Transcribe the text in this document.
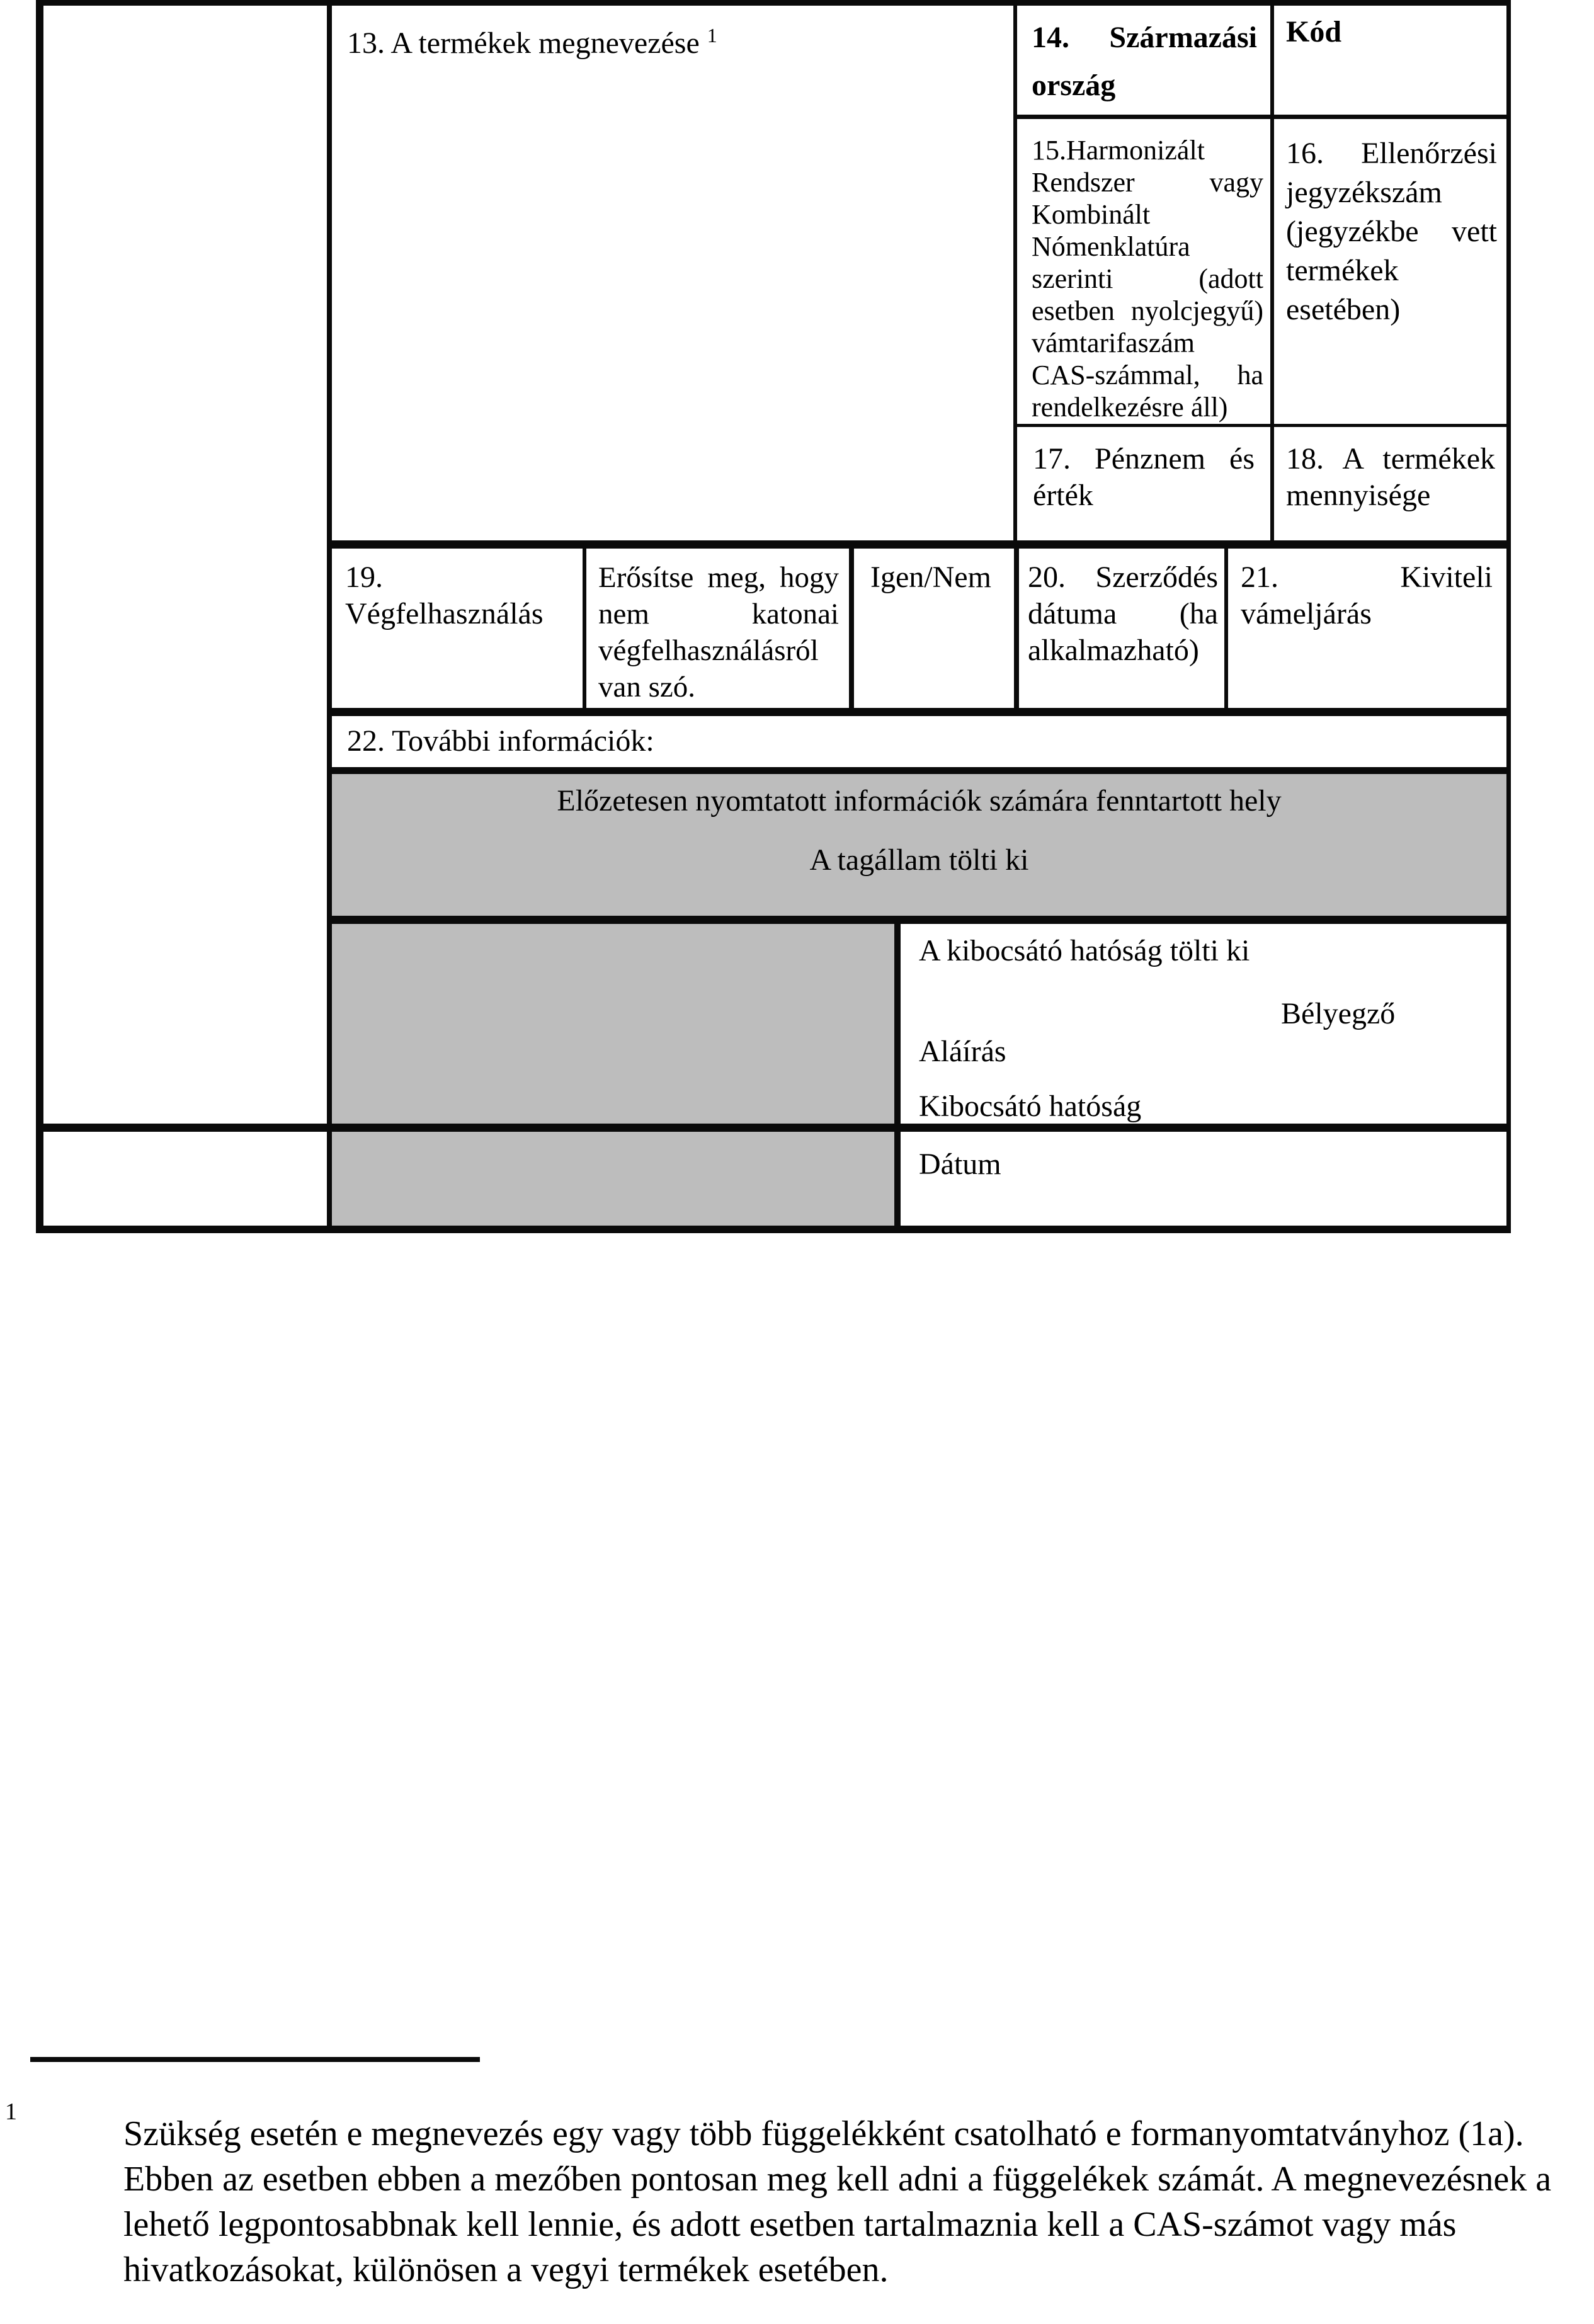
13. A termékek megnevezése $^1$	14. Származási ország
Kód
15.Harmonizált Rendszer vagy Kombinált Nómenklatúra szerinti (adott esetben nyolcjegyű) vámtarifaszám CAS-számmal, ha rendelkezésre áll)
16. Ellenőrzési jegyzékszám (jegyzékbe vett termékek esetében)
17. Pénznem és érték
18. A termékek mennyisége
19. Végfelhasználás
Erősítse meg, hogy nem katonai végfelhasználásról van szó.
Igen/Nem	20. Szerződés dátuma (ha alkalmazható)
21. Kiviteli vámeljárás
22. További információk:
Előzetesen nyomtatott információk számára fenntartott hely
A tagállam tölti ki
A kibocsátó hatóság tölti ki
Bélyegző
Aláírás
Kibocsátó hatóság
Dátum
1
Szükség esetén e megnevezés egy vagy több függelékként csatolható e formanyomtatványhoz (1a). Ebben az esetben ebben a mezőben pontosan meg kell adni a függelékek számát. A megnevezésnek a lehető legpontosabbnak kell lennie, és adott esetben tartalmaznia kell a CAS-számot vagy más hivatkozásokat, különösen a vegyi termékek esetében.
